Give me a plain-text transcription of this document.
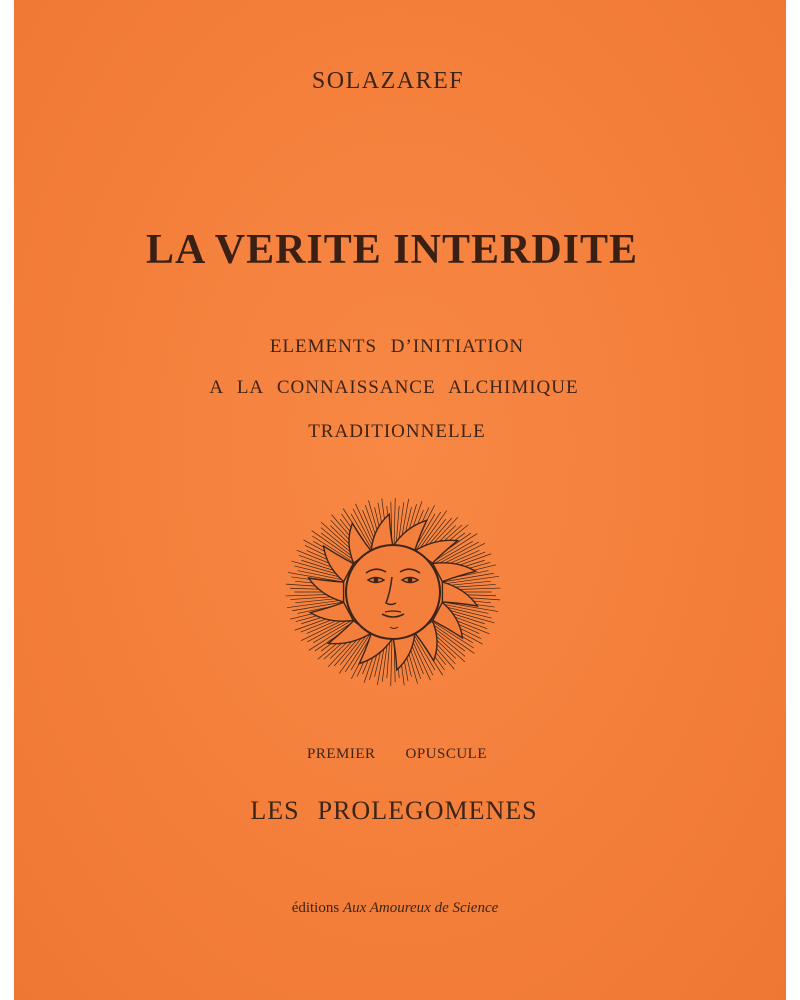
SOLAZAREF
LA VERITE INTERDITE
ELEMENTS D’INITIATION
A LA CONNAISSANCE ALCHIMIQUE
TRADITIONNELLE
PREMIER OPUSCULE
LES PROLEGOMENES
éditions Aux Amoureux de Science
